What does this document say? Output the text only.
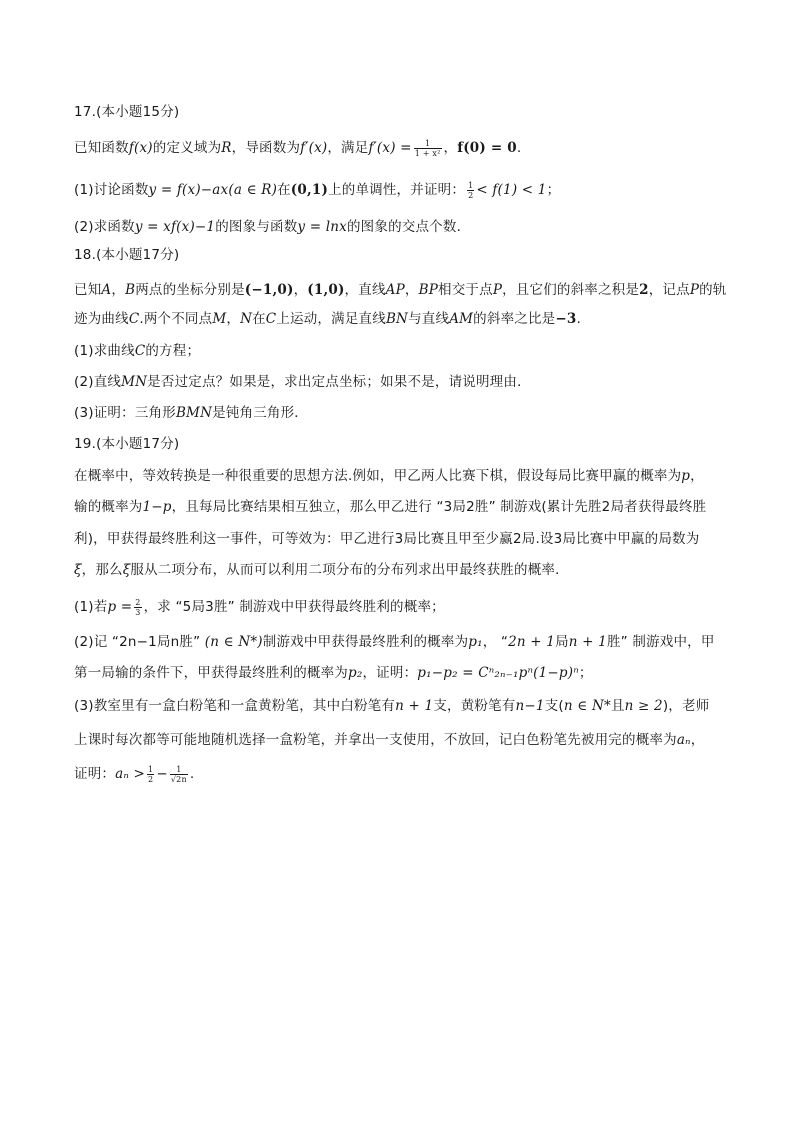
17.(本小题15分)
已知函数f(x)的定义域为R，导函数为f′(x)，满足$f'(x) = \frac{1}{\text{1 + x²}}$ ，f(0) = 0.
(1)讨论函数y = f(x)−ax(a ∈ R)在(0,1)上的单调性，并证明： $\frac{1}{2} < f(1) < 1$；
(2)求函数y = xf(x)−1的图象与函数y = lnx的图象的交点个数．
18.(本小题17分)
已知A，B两点的坐标分别是(−1,0)，(1,0)，直线AP，BP相交于点P，且它们的斜率之积是2，记点P的轨
迹为曲线C.两个不同点M，N在C上运动，满足直线BN与直线AM的斜率之比是−3.
(1)求曲线C的方程；
(2)直线MN是否过定点？如果是，求出定点坐标；如果不是，请说明理由．
(3)证明：三角形BMN是钝角三角形．
19.(本小题17分)
在概率中，等效转换是一种很重要的思想方法.例如，甲乙两人比赛下棋，假设每局比赛甲赢的概率为p，
输的概率为1−p，且每局比赛结果相互独立，那么甲乙进行 “3局2胜” 制游戏(累计先胜2局者获得最终胜
利)，甲获得最终胜利这一事件，可等效为：甲乙进行3局比赛且甲至少赢2局.设3局比赛中甲赢的局数为
ξ，那么ξ服从二项分布，从而可以利用二项分布的分布列求出甲最终获胜的概率．
(1)若$p = \frac{2}{3}$ ，求 “5局3胜” 制游戏中甲获得最终胜利的概率；
(2)记 “2n−1局n胜” (n ∈ N*)制游戏中甲获得最终胜利的概率为p₁， “2n + 1局n + 1胜” 制游戏中，甲
第一局输的条件下，甲获得最终胜利的概率为p₂，证明：p₁−p₂ = Cⁿ₂ₙ₋₁pⁿ(1−p)ⁿ；
(3)教室里有一盒白粉笔和一盒黄粉笔，其中白粉笔有n + 1支，黄粉笔有n−1支(n ∈ N*且n ≥ 2)，老师
上课时每次都等可能地随机选择一盒粉笔，并拿出一支使用，不放回，记白色粉笔先被用完的概率为aₙ，
证明：$a_n > \frac{1}{2} - \frac{1}{√2n}$ .
